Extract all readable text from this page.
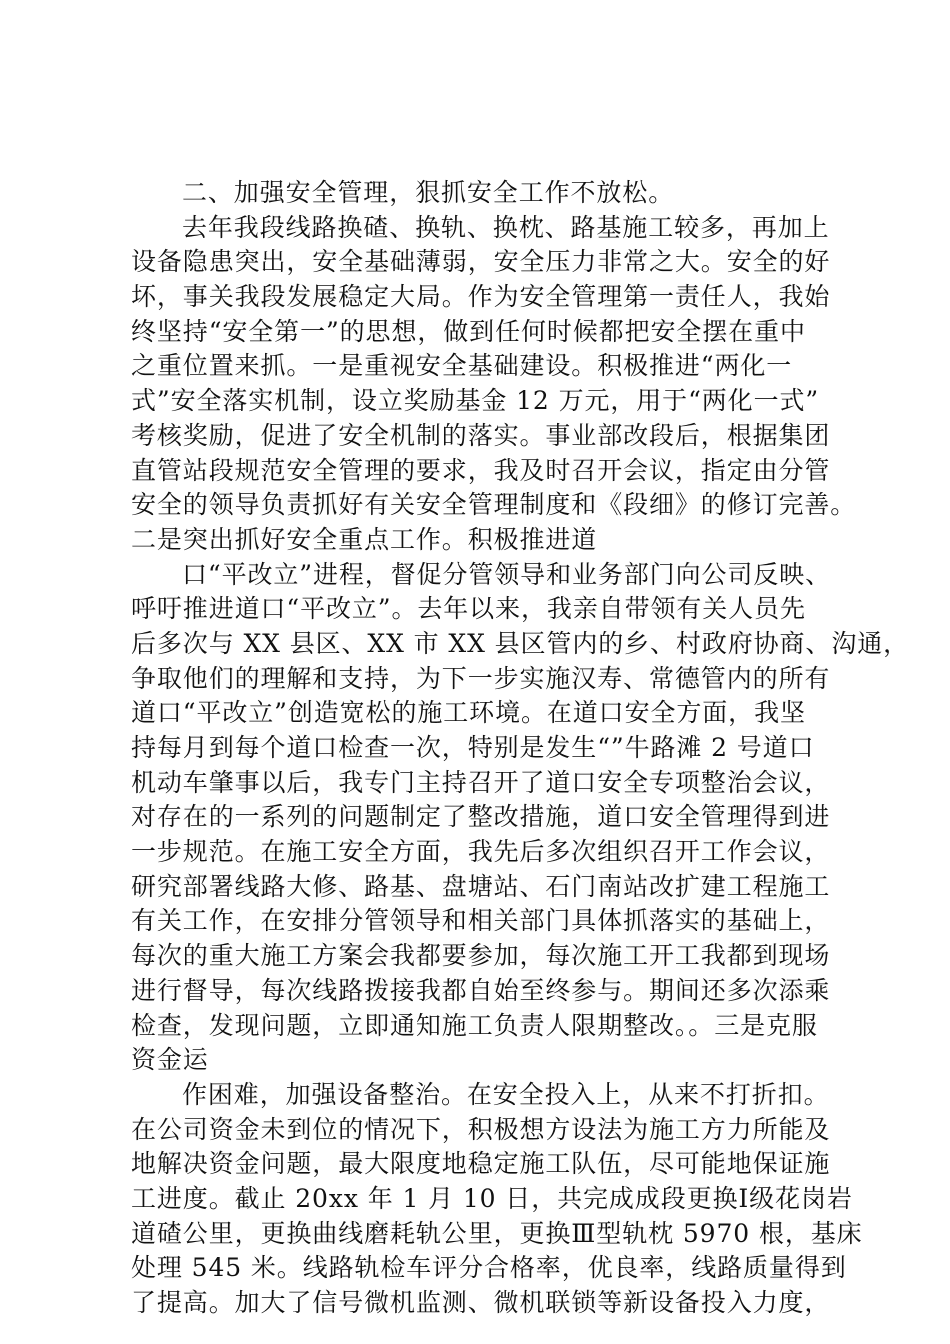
二、加强安全管理，狠抓安全工作不放松。
去年我段线路换碴、换轨、换枕、路基施工较多，再加上
设备隐患突出，安全基础薄弱，安全压力非常之大。安全的好
坏，事关我段发展稳定大局。作为安全管理第一责任人，我始
终坚持“安全第一”的思想，做到任何时候都把安全摆在重中
之重位置来抓。一是重视安全基础建设。积极推进“两化一
式”安全落实机制，设立奖励基金 12 万元，用于“两化一式”
考核奖励，促进了安全机制的落实。事业部改段后，根据集团
直管站段规范安全管理的要求，我及时召开会议，指定由分管
安全的领导负责抓好有关安全管理制度和《段细》的修订完善。
二是突出抓好安全重点工作。积极推进道
口“平改立”进程，督促分管领导和业务部门向公司反映、
呼吁推进道口“平改立”。去年以来，我亲自带领有关人员先
后多次与 XX 县区、XX 市 XX 县区管内的乡、村政府协商、沟通，
争取他们的理解和支持，为下一步实施汉寿、常德管内的所有
道口“平改立”创造宽松的施工环境。在道口安全方面，我坚
持每月到每个道口检查一次，特别是发生“”牛路滩 2 号道口
机动车肇事以后，我专门主持召开了道口安全专项整治会议，
对存在的一系列的问题制定了整改措施，道口安全管理得到进
一步规范。在施工安全方面，我先后多次组织召开工作会议，
研究部署线路大修、路基、盘塘站、石门南站改扩建工程施工
有关工作，在安排分管领导和相关部门具体抓落实的基础上，
每次的重大施工方案会我都要参加，每次施工开工我都到现场
进行督导，每次线路拨接我都自始至终参与。期间还多次添乘
检查，发现问题，立即通知施工负责人限期整改。。三是克服
资金运
作困难，加强设备整治。在安全投入上，从来不打折扣。
在公司资金未到位的情况下，积极想方设法为施工方力所能及
地解决资金问题，最大限度地稳定施工队伍，尽可能地保证施
工进度。截止 20xx 年 1 月 10 日，共完成成段更换Ⅰ级花岗岩
道碴公里，更换曲线磨耗轨公里，更换Ⅲ型轨枕 5970 根，基床
处理 545 米。线路轨检车评分合格率，优良率，线路质量得到
了提高。加大了信号微机监测、微机联锁等新设备投入力度，
